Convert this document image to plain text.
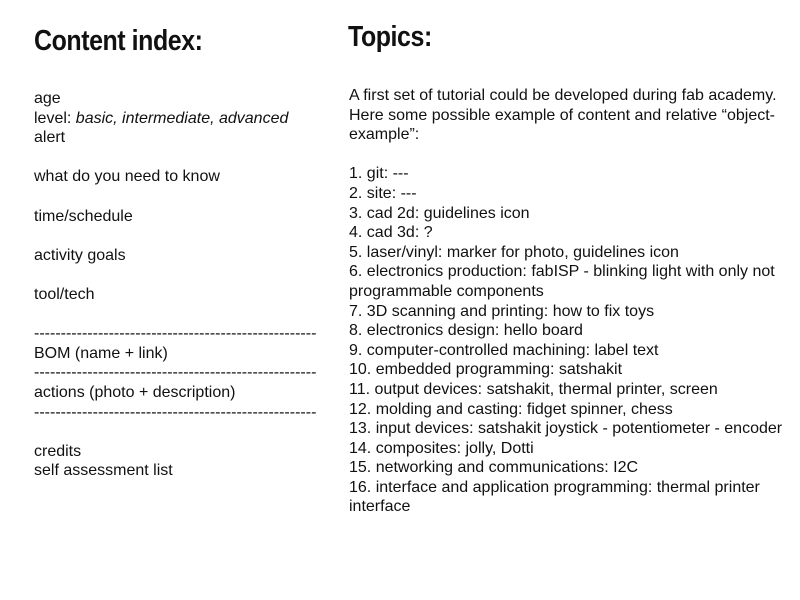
Content index:
age
level: basic, intermediate, advanced
alert
what do you need to know
time/schedule
activity goals
tool/tech
-----------------------------------------------------
BOM (name + link)
-----------------------------------------------------
actions (photo + description)
-----------------------------------------------------
credits
self assessment list
Topics:

A first set of tutorial could be developed during fab academy. Here some possible example of content and relative “object-example”:

1. git: ---

2. site: ---

3. cad 2d: guidelines icon

4. cad 3d: ?

5. laser/vinyl: marker for photo, guidelines icon

6. electronics production: fabISP - blinking light with only not programmable components

7. 3D scanning and printing: how to fix toys

8. electronics design: hello board

9. computer-controlled machining: label text

10. embedded programming: satshakit

11. output devices: satshakit, thermal printer, screen

12. molding and casting: fidget spinner, chess

13. input devices: satshakit joystick - potentiometer - encoder

14. composites: jolly, Dotti

15. networking and communications: I2C

16. interface and application programming: thermal printer interface
